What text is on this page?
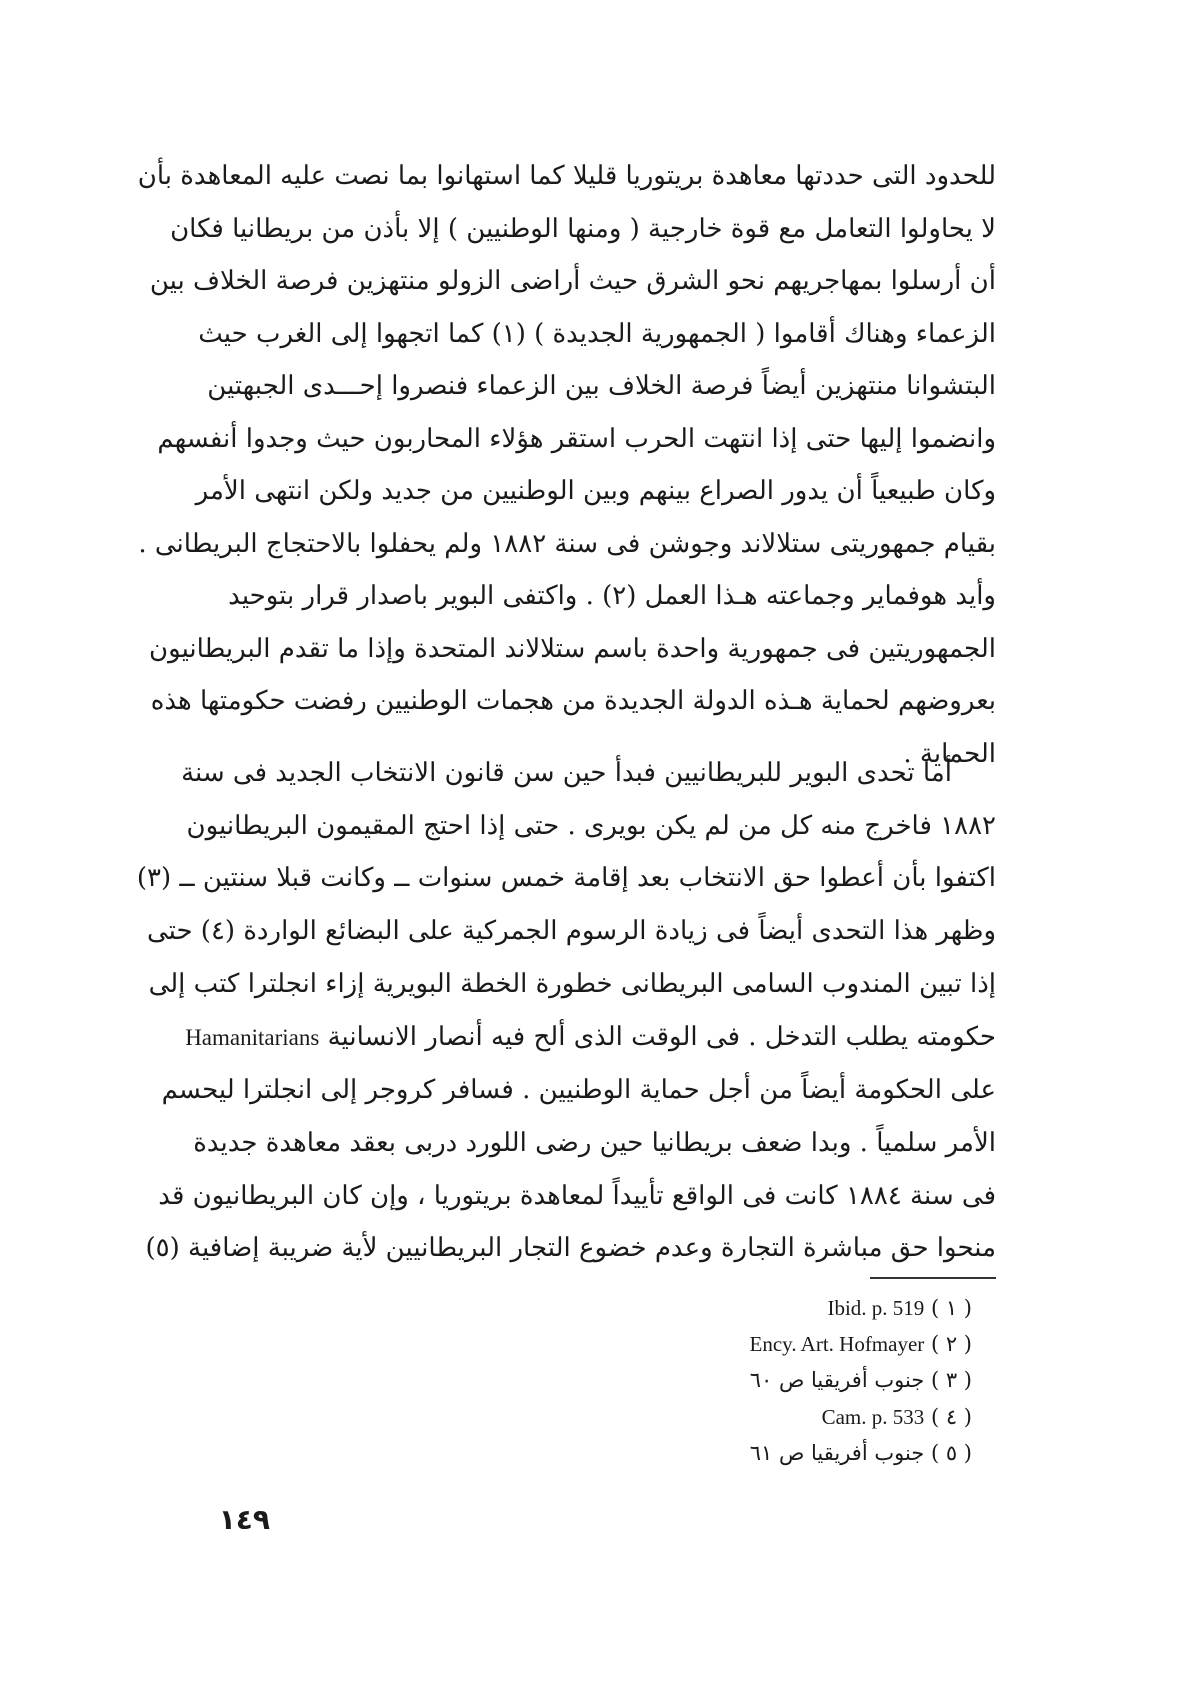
للحدود التى حددتها معاهدة بريتوريا قليلا كما استهانوا بما نصت عليه المعاهدة بأن
لا يحاولوا التعامل مع قوة خارجية ( ومنها الوطنيين ) إلا بأذن من بريطانيا فكان
أن أرسلوا بمهاجريهم نحو الشرق حيث أراضى الزولو منتهزين فرصة الخلاف بين
الزعماء وهناك أقاموا ( الجمهورية الجديدة ) (١) كما اتجهوا إلى الغرب حيث
البتشوانا منتهزين أيضاً فرصة الخلاف بين الزعماء فنصروا إحـــدى الجبهتين
وانضموا إليها حتى إذا انتهت الحرب استقر هؤلاء المحاربون حيث وجدوا أنفسهم
وكان طبيعياً أن يدور الصراع بينهم وبين الوطنيين من جديد ولكن انتهى الأمر
بقيام جمهوريتى ستلالاند وجوشن فى سنة ١٨٨٢ ولم يحفلوا بالاحتجاج البريطانى .
وأيد هوفماير وجماعته هـذا العمل (٢) . واكتفى البوير باصدار قرار بتوحيد
الجمهوريتين فى جمهورية واحدة باسم ستلالاند المتحدة وإذا ما تقدم البريطانيون
بعروضهم لحماية هـذه الدولة الجديدة من هجمات الوطنيين رفضت حكومتها هذه
الحماية .
أما تحدى البوير للبريطانيين فبدأ حين سن قانون الانتخاب الجديد فى سنة
١٨٨٢ فاخرج منه كل من لم يكن بويرى . حتى إذا احتج المقيمون البريطانيون
اكتفوا بأن أعطوا حق الانتخاب بعد إقامة خمس سنوات ــ وكانت قبلا سنتين ــ (٣)
وظهر هذا التحدى أيضاً فى زيادة الرسوم الجمركية على البضائع الواردة (٤) حتى
إذا تبين المندوب السامى البريطانى خطورة الخطة البويرية إزاء انجلترا كتب إلى
حكومته يطلب التدخل . فى الوقت الذى ألح فيه أنصار الانسانية Hamanitarians
على الحكومة أيضاً من أجل حماية الوطنيين . فسافر كروجر إلى انجلترا ليحسم
الأمر سلمياً . وبدا ضعف بريطانيا حين رضى اللورد دربى بعقد معاهدة جديدة
فى سنة ١٨٨٤ كانت فى الواقع تأييداً لمعاهدة بريتوريا ، وإن كان البريطانيون قد
منحوا حق مباشرة التجارة وعدم خضوع التجار البريطانيين لأية ضريبة إضافية (٥)
( ١ ) Ibid. p. 519
( ٢ ) Ency. Art. Hofmayer
( ٣ ) جنوب أفريقيا ص ٦٠
( ٤ ) Cam. p. 533
( ٥ ) جنوب أفريقيا ص ٦١
١٤٩
